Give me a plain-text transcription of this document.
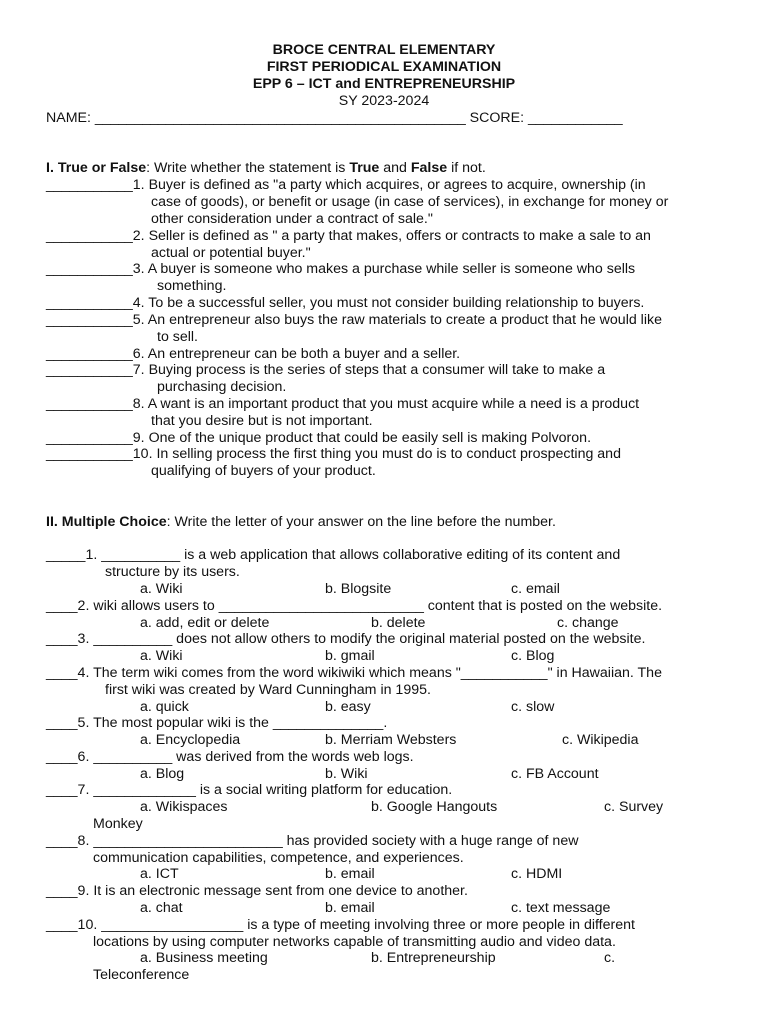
BROCE CENTRAL ELEMENTARY
FIRST PERIODICAL EXAMINATION
EPP 6 – ICT and ENTREPRENEURSHIP
SY 2023-2024
NAME: _______________________________________________ SCORE: ____________
I. True or False: Write whether the statement is True and False if not.
___________1. Buyer is defined as "a party which acquires, or agrees to acquire, ownership (in
case of goods), or benefit or usage (in case of services), in exchange for money or
other consideration under a contract of sale."
___________2. Seller is defined as " a party that makes, offers or contracts to make a sale to an
actual or potential buyer."
___________3. A buyer is someone who makes a purchase while seller is someone who sells
something.
___________4. To be a successful seller, you must not consider building relationship to buyers.
___________5. An entrepreneur also buys the raw materials to create a product that he would like
to sell.
___________6. An entrepreneur can be both a buyer and a seller.
___________7. Buying process is the series of steps that a consumer will take to make a
purchasing decision.
___________8. A want is an important product that you must acquire while a need is a product
that you desire but is not important.
___________9. One of the unique product that could be easily sell is making Polvoron.
___________10. In selling process the first thing you must do is to conduct prospecting and
qualifying of buyers of your product.
II. Multiple Choice: Write the letter of your answer on the line before the number.
_____1. __________ is a web application that allows collaborative editing of its content and
structure by its users.
a. Wiki	b. Blogsite	c. email
____2. wiki allows users to __________________________ content that is posted on the website.
a. add, edit or delete	b. delete	c. change
____3. __________ does not allow others to modify the original material posted on the website.
a. Wiki	b. gmail	c. Blog
____4. The term wiki comes from the word wikiwiki which means "___________" in Hawaiian. The
first wiki was created by Ward Cunningham in 1995.
a. quick	b. easy	c. slow
____5. The most popular wiki is the ______________.
a. Encyclopedia	b. Merriam Websters	c. Wikipedia
____6. __________ was derived from the words web logs.
a. Blog	b. Wiki	c. FB Account
____7. _____________ is a social writing platform for education.
a. Wikispaces	b. Google Hangouts	c. Survey
Monkey
____8. ________________________ has provided society with a huge range of new
communication capabilities, competence, and experiences.
a. ICT	b. email	c. HDMI
____9. It is an electronic message sent from one device to another.
a. chat	b. email	c. text message
____10. __________________ is a type of meeting involving three or more people in different
locations by using computer networks capable of transmitting audio and video data.
a. Business meeting	b. Entrepreneurship	c.
Teleconference
